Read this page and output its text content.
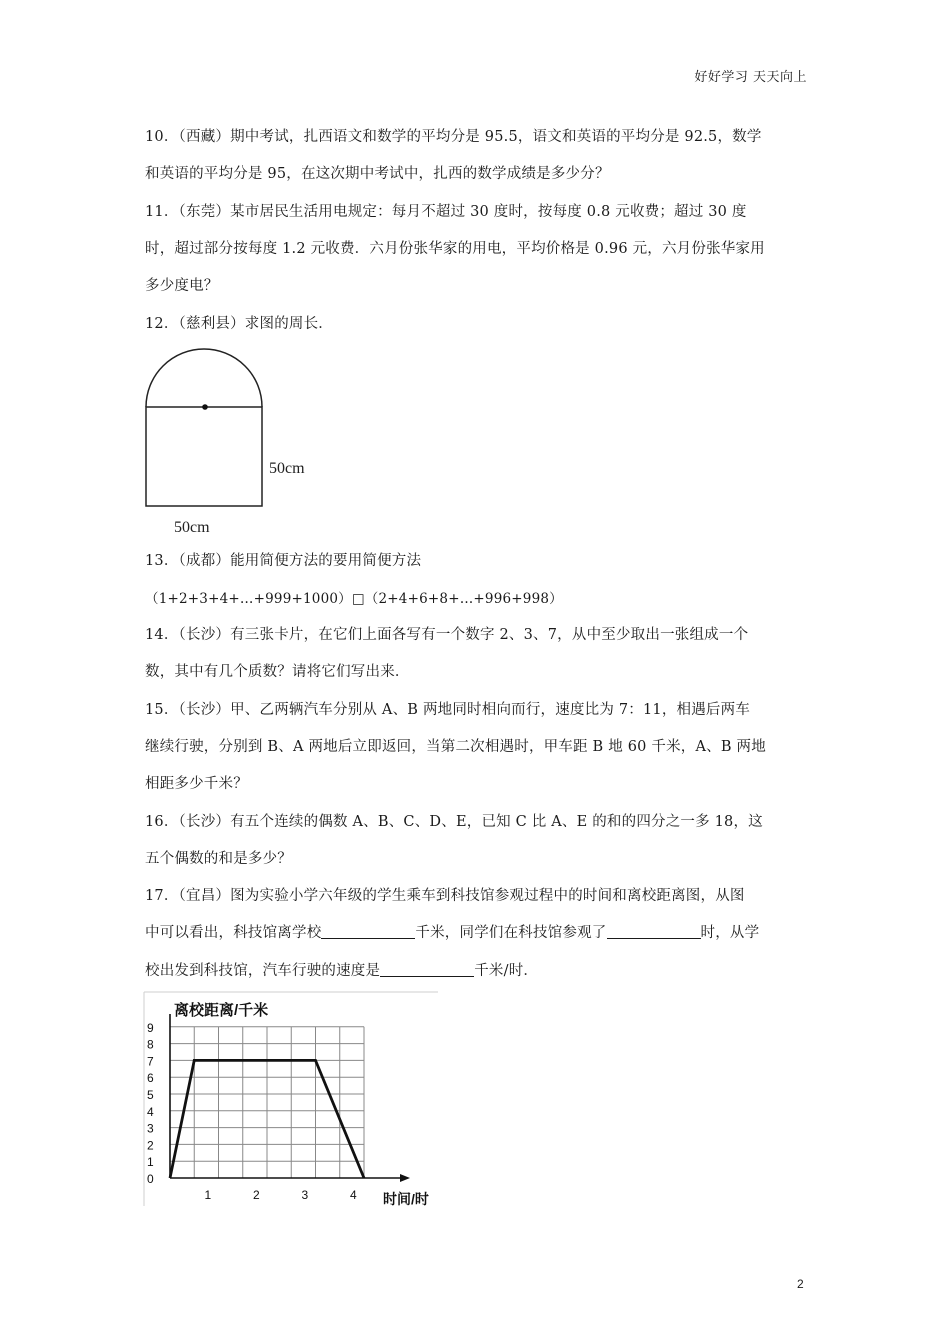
好好学习 天天向上
10．（西藏）期中考试，扎西语文和数学的平均分是 95.5，语文和英语的平均分是 92.5，数学
和英语的平均分是 95，在这次期中考试中，扎西的数学成绩是多少分？
11．（东莞）某市居民生活用电规定：每月不超过 30 度时，按每度 0.8 元收费；超过 30 度
时，超过部分按每度 1.2 元收费．六月份张华家的用电，平均价格是 0.96 元，六月份张华家用
多少度电？
12．（慈利县）求图的周长．
50cm
50cm
13．（成都）能用简便方法的要用简便方法
（1+2+3+4+…+999+1000）□（2+4+6+8+…+996+998）
14．（长沙）有三张卡片，在它们上面各写有一个数字 2、3、7，从中至少取出一张组成一个
数，其中有几个质数？请将它们写出来．
15．（长沙）甲、乙两辆汽车分别从 A、B 两地同时相向而行，速度比为 7：11，相遇后两车
继续行驶，分别到 B、A 两地后立即返回，当第二次相遇时，甲车距 B 地 60 千米，A、B 两地
相距多少千米？
16．（长沙）有五个连续的偶数 A、B、C、D、E，已知 C 比 A、E 的和的四分之一多 18，这
五个偶数的和是多少？
17．（宜昌）图为实验小学六年级的学生乘车到科技馆参观过程中的时间和离校距离图，从图
中可以看出，科技馆离学校	千米，同学们在科技馆参观了	时，从学
校出发到科技馆，汽车行驶的速度是	千米/时．
0
1
2
3
4
5
6
7
8
9
1	2	3	4
离校距离/千米
时间/时
2
